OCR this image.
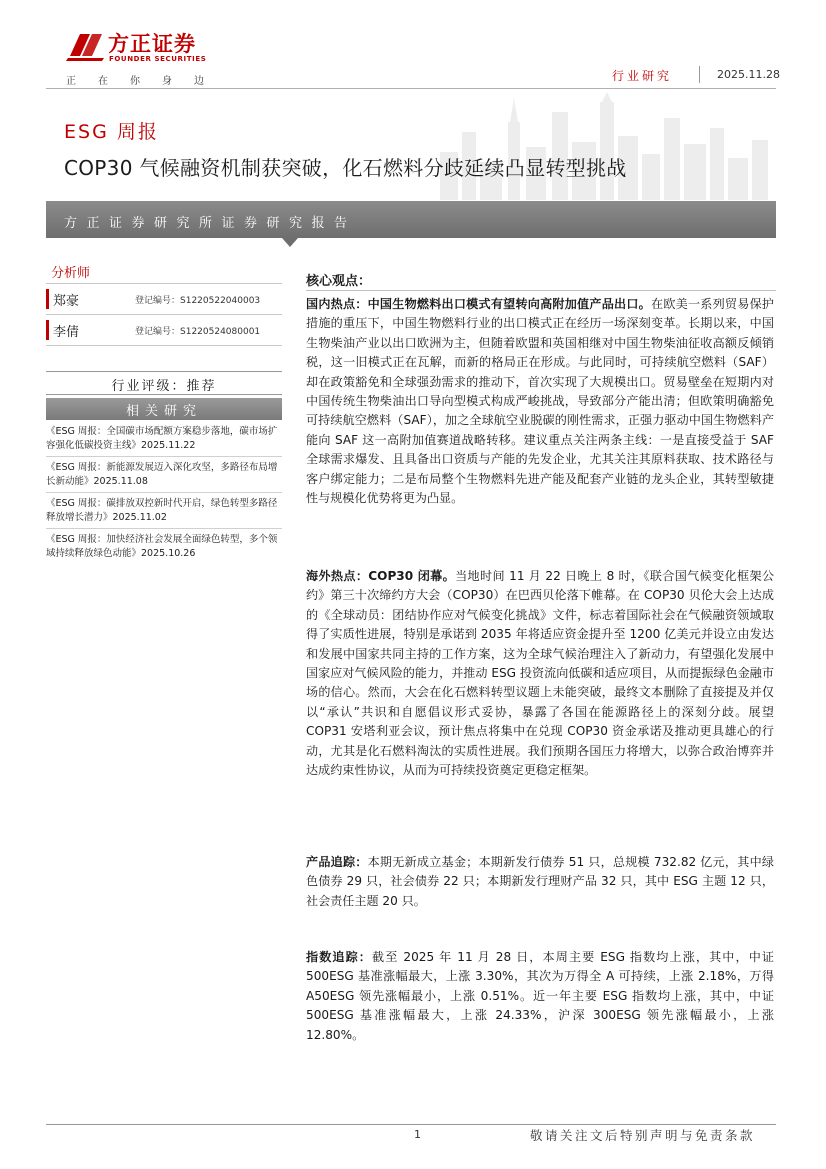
方正证券
FOUNDER SECURITIES
正在你身边	行业研究	2025.11.28
ESG 周报
COP30 气候融资机制获突破，化石燃料分歧延续凸显转型挑战
方正证券研究所证券研究报告
分析师
郑豪	登记编号：S1220522040003
李倩	登记编号：S1220524080001
行业评级：推荐
相关研究
《ESG 周报：全国碳市场配额方案稳步落地，碳市场扩容强化低碳投资主线》2025.11.22
《ESG 周报：新能源发展迈入深化攻坚，多路径布局增长新动能》2025.11.08
《ESG 周报：碳排放双控新时代开启，绿色转型多路径释放增长潜力》2025.11.02
《ESG 周报：加快经济社会发展全面绿色转型，多个领域持续释放绿色动能》2025.10.26
核心观点：
国内热点：中国生物燃料出口模式有望转向高附加值产品出口。在欧美一系列贸易保护措施的重压下，中国生物燃料行业的出口模式正在经历一场深刻变革。长期以来，中国生物柴油产业以出口欧洲为主，但随着欧盟和英国相继对中国生物柴油征收高额反倾销税，这一旧模式正在瓦解，而新的格局正在形成。与此同时，可持续航空燃料（SAF）却在政策豁免和全球强劲需求的推动下，首次实现了大规模出口。贸易壁垒在短期内对中国传统生物柴油出口导向型模式构成严峻挑战，导致部分产能出清；但欧策明确豁免可持续航空燃料（SAF），加之全球航空业脱碳的刚性需求，正强力驱动中国生物燃料产能向 SAF 这一高附加值赛道战略转移。建议重点关注两条主线：一是直接受益于 SAF 全球需求爆发、且具备出口资质与产能的先发企业，尤其关注其原料获取、技术路径与客户绑定能力；二是布局整个生物燃料先进产能及配套产业链的龙头企业，其转型敏捷性与规模化优势将更为凸显。
海外热点：COP30 闭幕。当地时间 11 月 22 日晚上 8 时，《联合国气候变化框架公约》第三十次缔约方大会（COP30）在巴西贝伦落下帷幕。在 COP30 贝伦大会上达成的《全球动员：团结协作应对气候变化挑战》文件，标志着国际社会在气候融资领域取得了实质性进展，特别是承诺到 2035 年将适应资金提升至 1200 亿美元并设立由发达和发展中国家共同主持的工作方案，这为全球气候治理注入了新动力，有望强化发展中国家应对气候风险的能力，并推动 ESG 投资流向低碳和适应项目，从而提振绿色金融市场的信心。然而，大会在化石燃料转型议题上未能突破，最终文本删除了直接提及并仅以“承认”共识和自愿倡议形式妥协，暴露了各国在能源路径上的深刻分歧。展望 COP31 安塔利亚会议，预计焦点将集中在兑现 COP30 资金承诺及推动更具雄心的行动，尤其是化石燃料淘汰的实质性进展。我们预期各国压力将增大，以弥合政治博弈并达成约束性协议，从而为可持续投资奠定更稳定框架。
产品追踪：本期无新成立基金；本期新发行债券 51 只，总规模 732.82 亿元，其中绿色债券 29 只，社会债券 22 只；本期新发行理财产品 32 只，其中 ESG 主题 12 只，社会责任主题 20 只。
指数追踪：截至 2025 年 11 月 28 日，本周主要 ESG 指数均上涨，其中，中证 500ESG 基准涨幅最大，上涨 3.30%，其次为万得全 A 可持续，上涨 2.18%，万得 A50ESG 领先涨幅最小，上涨 0.51%。近一年主要 ESG 指数均上涨，其中，中证 500ESG 基准涨幅最大，上涨 24.33%，沪深 300ESG 领先涨幅最小，上涨 12.80%。
1	敬请关注文后特别声明与免责条款
